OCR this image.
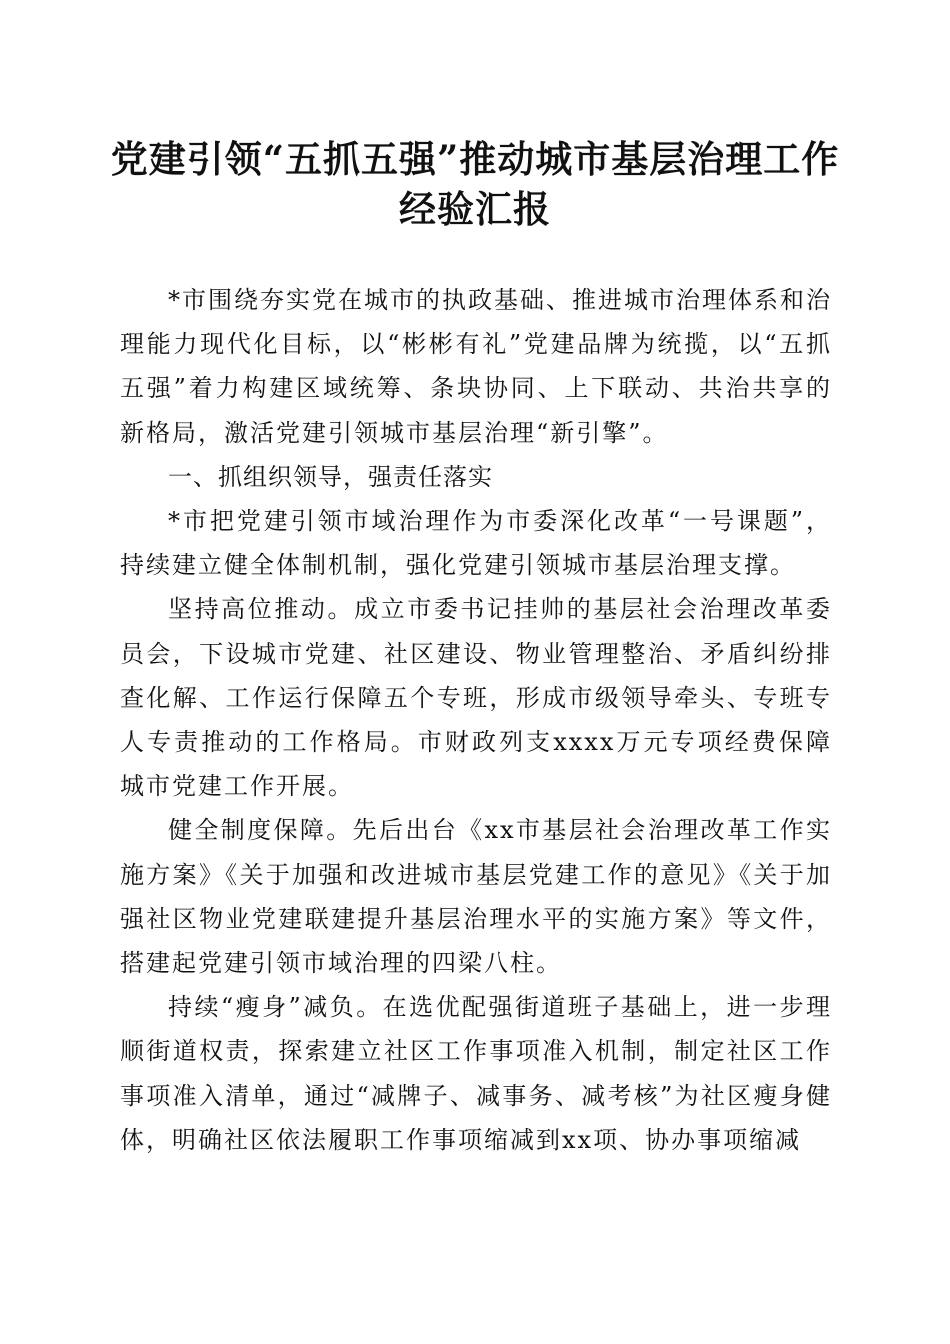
党建引领“五抓五强”推动城市基层治理工作
经验汇报

*市围绕夯实党在城市的执政基础、推进城市治理体系和治理能力现代化目标，以“彬彬有礼”党建品牌为统揽，以“五抓五强”着力构建区域统筹、条块协同、上下联动、共治共享的新格局，激活党建引领城市基层治理“新引擎”。

一、抓组织领导，强责任落实

*市把党建引领市域治理作为市委深化改革“一号课题”，持续建立健全体制机制，强化党建引领城市基层治理支撑。

坚持高位推动。成立市委书记挂帅的基层社会治理改革委员会，下设城市党建、社区建设、物业管理整治、矛盾纠纷排查化解、工作运行保障五个专班，形成市级领导牵头、专班专人专责推动的工作格局。市财政列支xxxx万元专项经费保障城市党建工作开展。

健全制度保障。先后出台《xx市基层社会治理改革工作实施方案》《关于加强和改进城市基层党建工作的意见》《关于加强社区物业党建联建提升基层治理水平的实施方案》等文件，搭建起党建引领市域治理的四梁八柱。

持续“瘦身”减负。在选优配强街道班子基础上，进一步理顺街道权责，探索建立社区工作事项准入机制，制定社区工作事项准入清单，通过“减牌子、减事务、减考核”为社区瘦身健体，明确社区依法履职工作事项缩减到xx项、协办事项缩减
